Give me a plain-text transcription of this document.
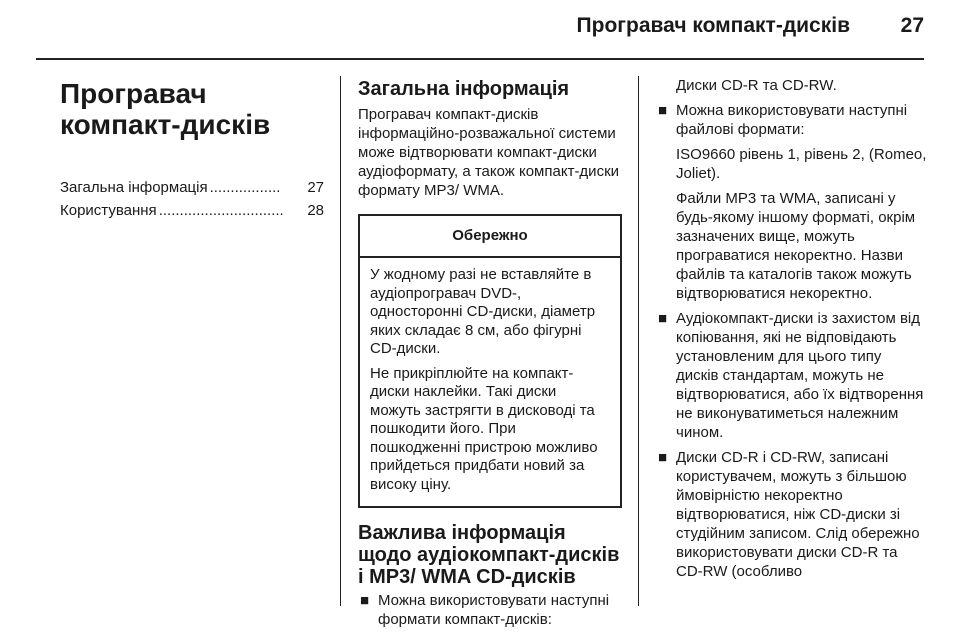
Програвач компакт-дисків	27
Програвач компакт-дисків
Загальна інформація .................	27
Користування ..............................	28
Загальна інформація

Програвач компакт-дисків інформаційно-розважальної системи може відтворювати компакт-диски аудіоформату, а також компакт-диски формату MP3/ WMA.

Обережно

У жодному разі не вставляйте в аудіопрогравач DVD-, односторонні CD-диски, діаметр яких складає 8 см, або фігурні CD-диски.

Не прикріплюйте на компакт-диски наклейки. Такі диски можуть застрягти в дисководі та пошкодити його. При пошкодженні пристрою можливо прийдеться придбати новий за високу ціну.

Важлива інформація щодо аудіокомпакт-дисків і MP3/ WMA CD-дисків
■ Можна використовувати наступні формати компакт-дисків:

Диски CD-R та CD-RW.

■ Можна використовувати наступні файлові формати:

ISO9660 рівень 1, рівень 2, (Romeo, Joliet).

Файли MP3 та WMA, записані у будь-якому іншому форматі, окрім зазначених вище, можуть програватися некоректно. Назви файлів та каталогів також можуть відтворюватися некоректно.

■ Аудіокомпакт-диски із захистом від копіювання, які не відповідають установленим для цього типу дисків стандартам, можуть не відтворюватися, або їх відтворення не виконуватиметься належним чином.

■ Диски CD-R і CD-RW, записані користувачем, можуть з більшою ймовірністю некоректно відтворюватися, ніж CD-диски зі студійним записом. Слід обережно використовувати диски CD-R та CD-RW (особливо
